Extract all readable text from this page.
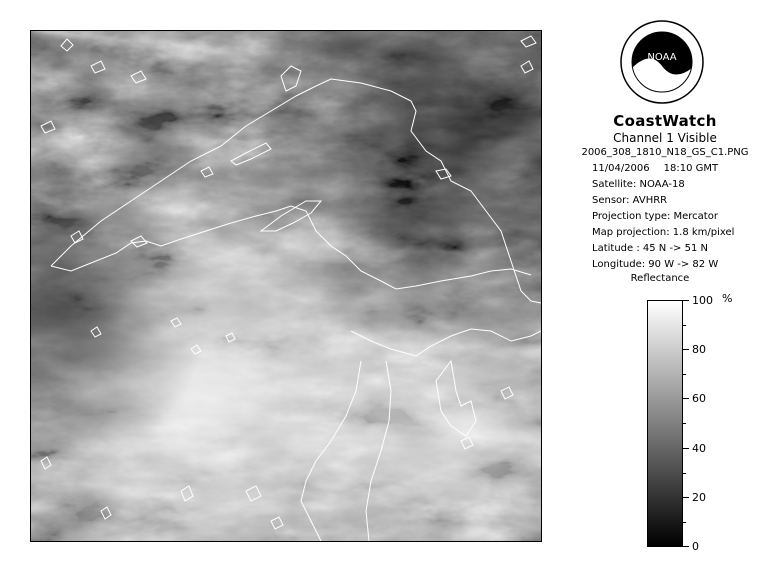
NOAA
CoastWatch
Channel 1 Visible
2006_308_1810_N18_GS_C1.PNG
11/04/2006 18:10 GMT
Satellite: NOAA-18
Sensor: AVHRR
Projection type: Mercator
Map projection: 1.8 km/pixel
Latitude : 45 N -> 51 N
Longitude: 90 W -> 82 W
Reflectance
%
100
80
60
40
20
0
